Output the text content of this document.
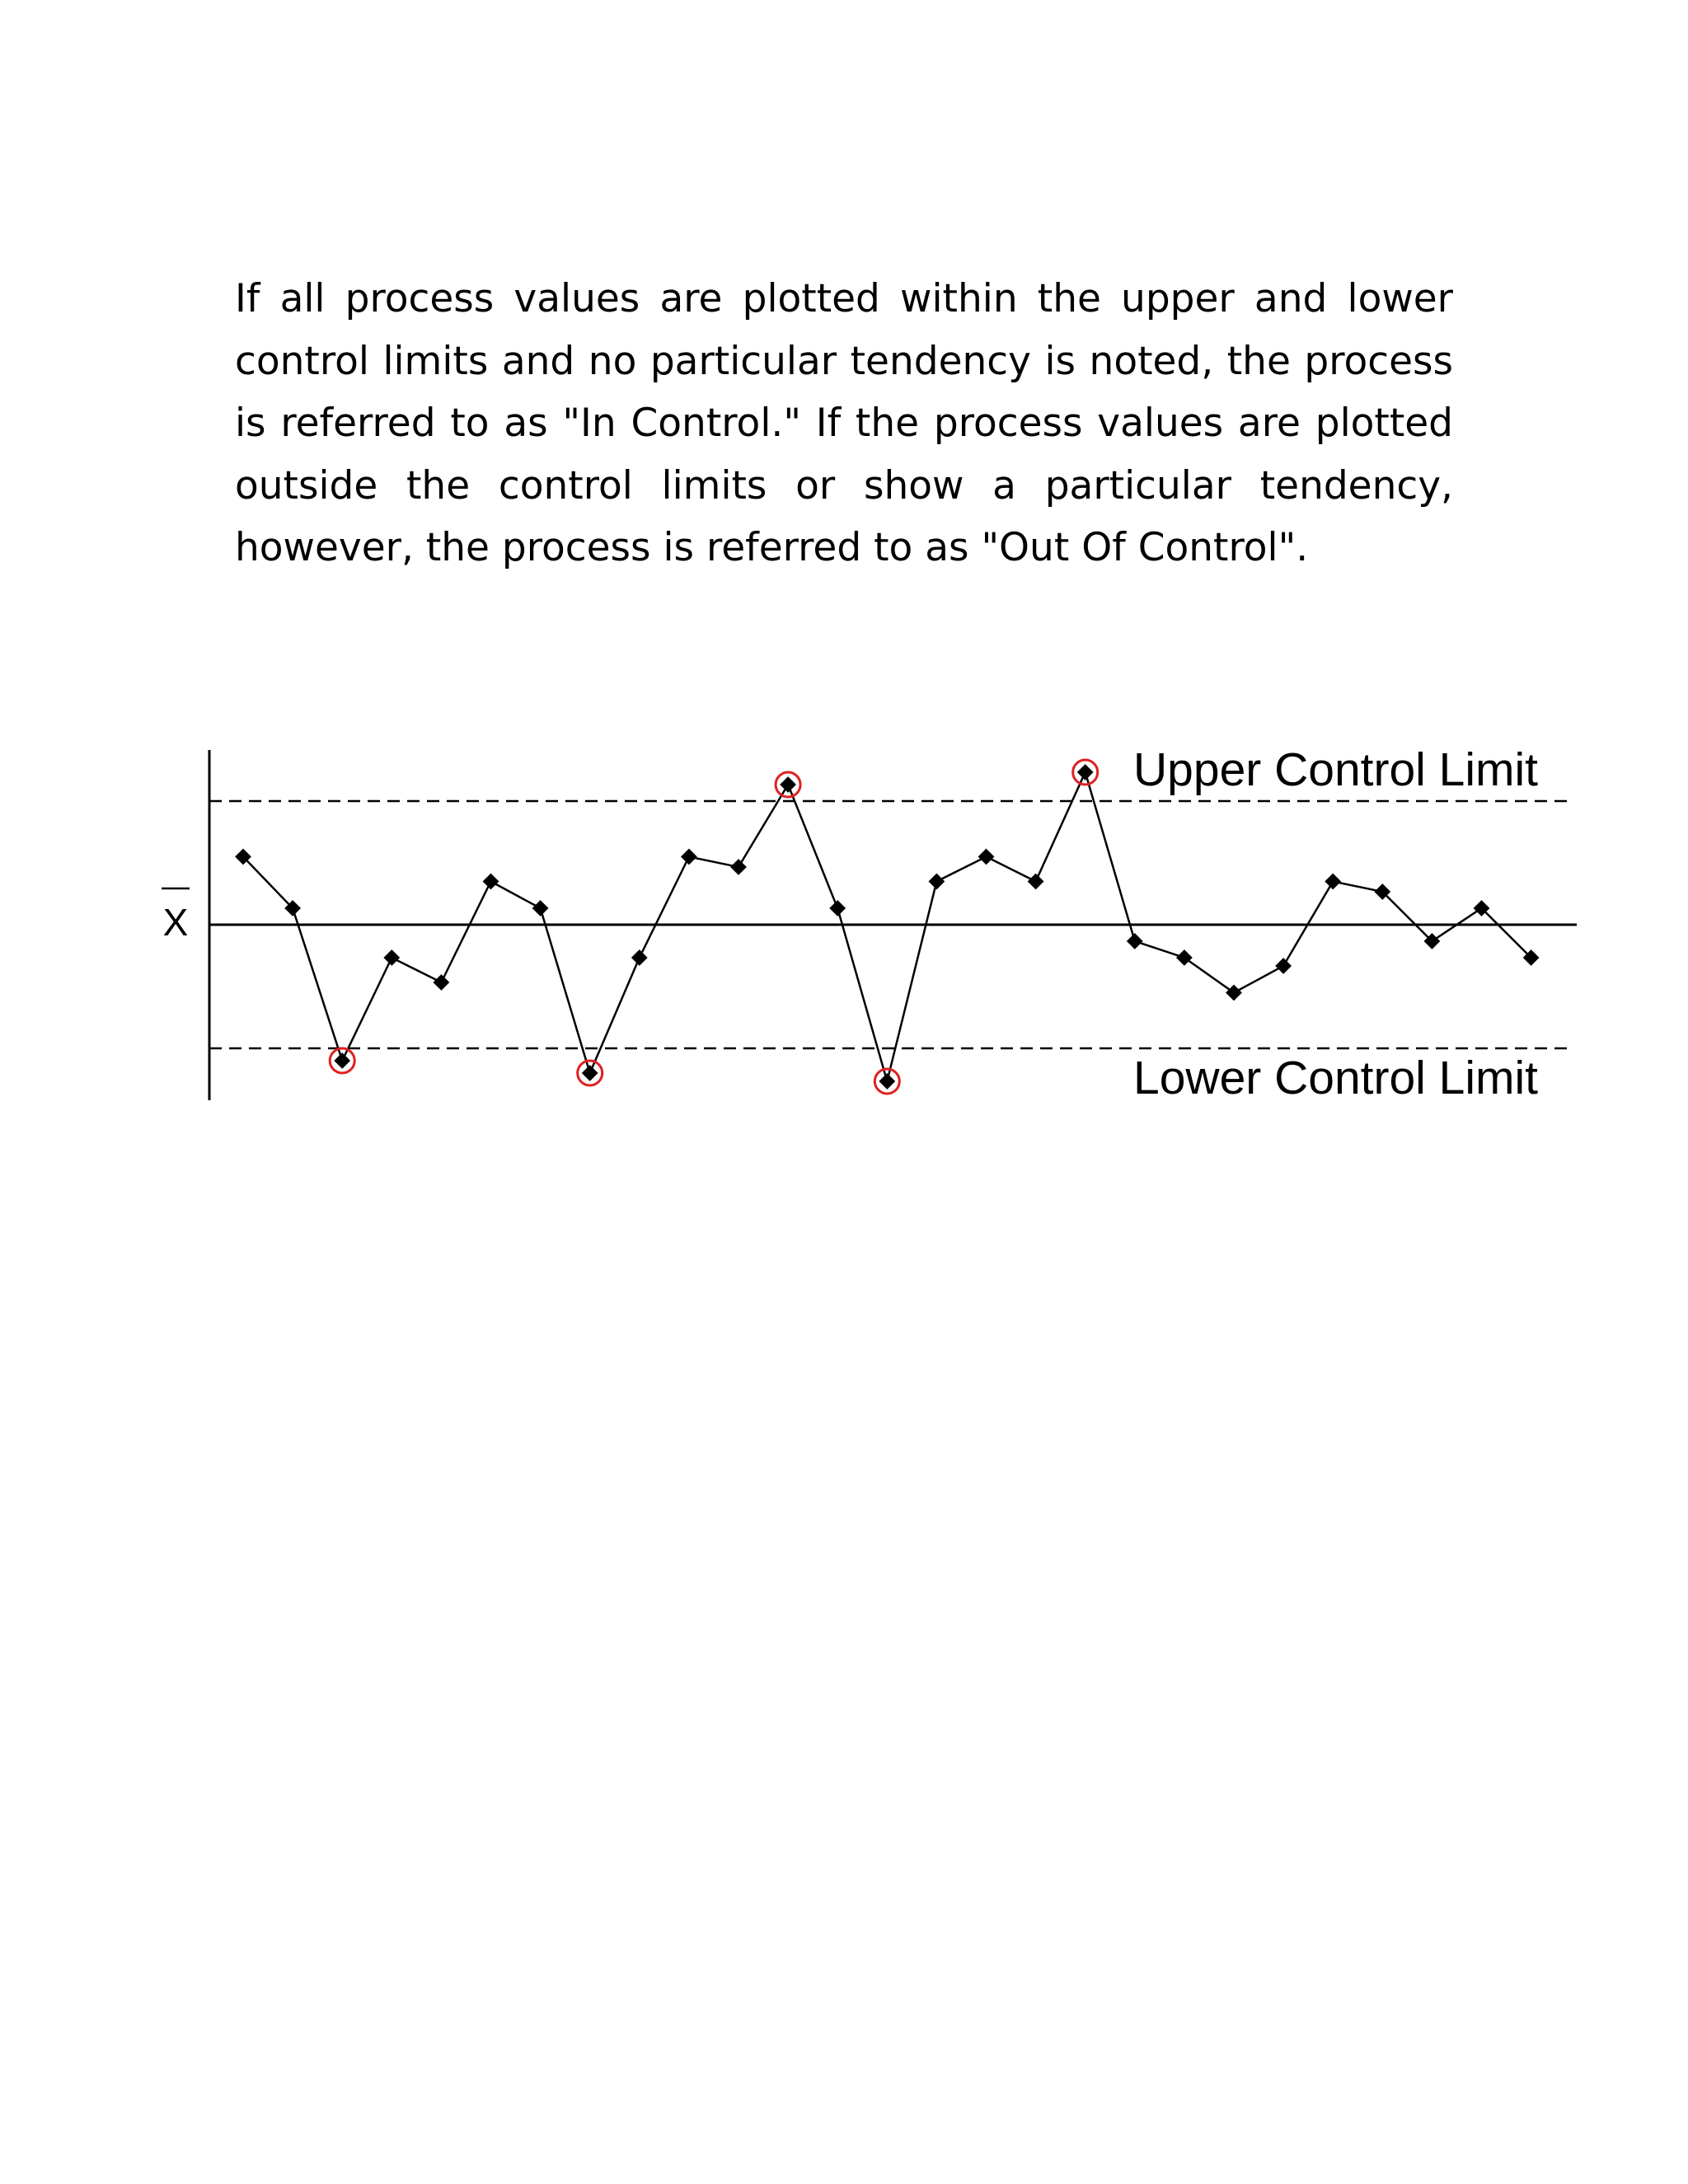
If all process values are plotted within the upper and lower control limits and no particular tendency is noted, the process is referred to as "In Control." If the process values are plotted outside the control limits or show a particular tendency, however, the process is referred to as "Out Of Control".

X
Upper Control Limit
Lower Control Limit
